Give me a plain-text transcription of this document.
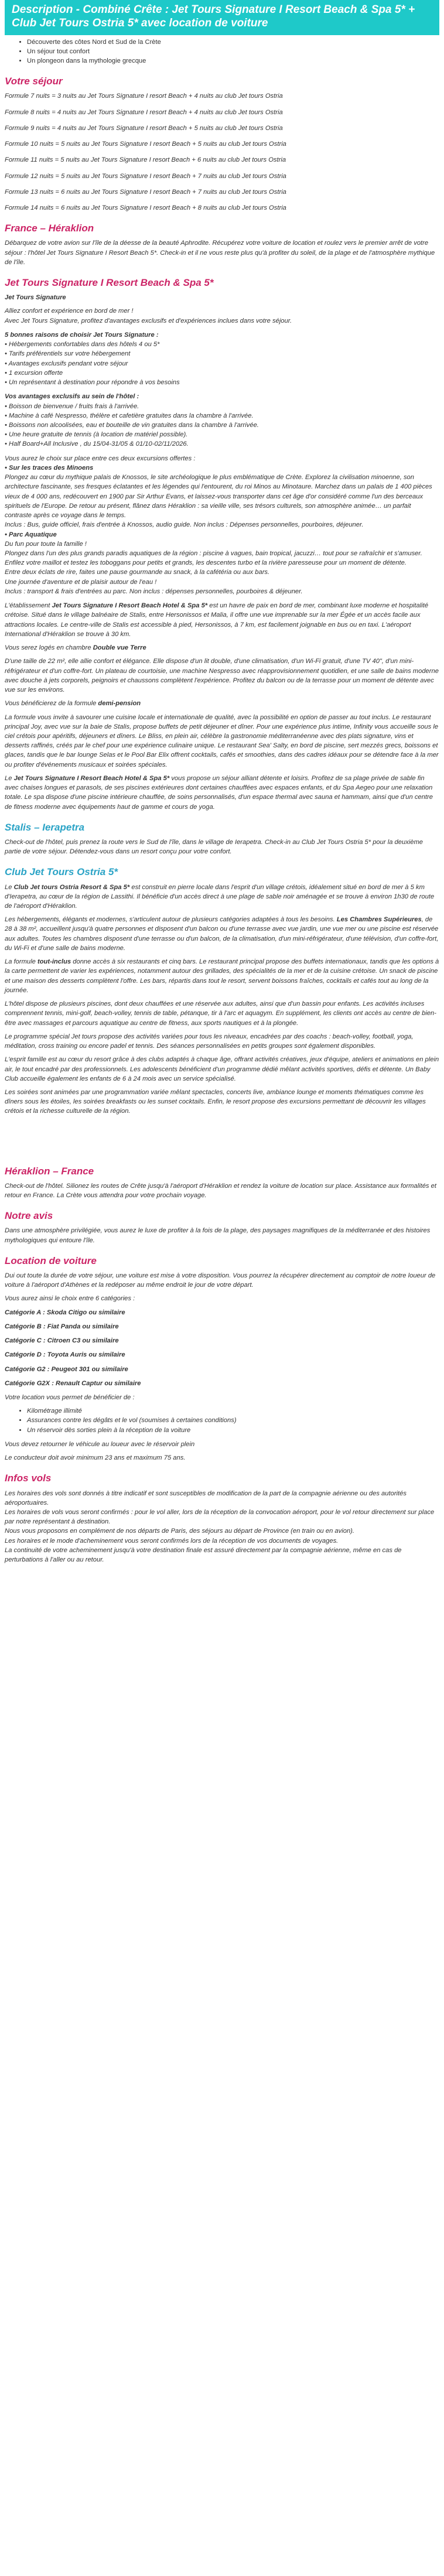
Description - Combiné Crête : Jet Tours Signature I Resort Beach & Spa 5* + Club Jet Tours Ostria 5* avec location de voiture
• Découverte des côtes Nord et Sud de la Crète
• Un séjour tout confort
• Un plongeon dans la mythologie grecque
Votre séjour

Formule 7 nuits = 3 nuits au Jet Tours Signature I resort Beach + 4 nuits au club Jet tours Ostria

Formule 8 nuits = 4 nuits au Jet Tours Signature I resort Beach + 4 nuits au club Jet tours Ostria

Formule 9 nuits = 4 nuits au Jet Tours Signature I resort Beach + 5 nuits au club Jet tours Ostria

Formule 10 nuits = 5 nuits au Jet Tours Signature I resort Beach + 5 nuits au club Jet tours Ostria

Formule 11 nuits = 5 nuits au Jet Tours Signature I resort Beach + 6 nuits au club Jet tours Ostria

Formule 12 nuits = 5 nuits au Jet Tours Signature I resort Beach + 7 nuits au club Jet tours Ostria

Formule 13 nuits = 6 nuits au Jet Tours Signature I resort Beach + 7 nuits au club Jet tours Ostria

Formule 14 nuits = 6 nuits au Jet Tours Signature I resort Beach + 8 nuits au club Jet tours Ostria

France – Héraklion

Débarquez de votre avion sur l'île de la déesse de la beauté Aphrodite. Récupérez votre voiture de location et roulez vers le premier arrêt de votre séjour : l'hôtel Jet Tours Signature I Resort Beach 5*. Check-in et il ne vous reste plus qu'à profiter du soleil, de la plage et de l'atmosphère mythique de l'île.

Jet Tours Signature I Resort Beach & Spa 5*

Jet Tours Signature

Alliez confort et expérience en bord de mer !

Avec Jet Tours Signature, profitez d'avantages exclusifs et d'expériences inclues dans votre séjour.

5 bonnes raisons de choisir Jet Tours Signature :

• Hébergements confortables dans des hôtels 4 ou 5*

• Tarifs préférentiels sur votre hébergement

• Avantages exclusifs pendant votre séjour

• 1 excursion offerte

• Un représentant à destination pour répondre à vos besoins

Vos avantages exclusifs au sein de l'hôtel :

• Boisson de bienvenue / fruits frais à l'arrivée.

• Machine à café Nespresso, thélère et cafetière gratuites dans la chambre à l'arrivée.

• Boissons non alcoolisées, eau et bouteille de vin gratuites dans la chambre à l'arrivée.

• Une heure gratuite de tennis (à location de matériel possible).

• Half Board+All Inclusive , du 15/04-31/05 & 01/10-02/11/2026.

Vous aurez le choix sur place entre ces deux excursions offertes :

• Sur les traces des Minoens

Plongez au cœur du mythique palais de Knossos, le site archéologique le plus emblématique de Crète. Explorez la civilisation minoenne, son architecture fascinante, ses fresques éclatantes et les légendes qui l'entourent, du roi Minos au Minotaure. Marchez dans un palais de 1 400 pièces vieux de 4 000 ans, redécouvert en 1900 par Sir Arthur Evans, et laissez-vous transporter dans cet âge d'or considéré comme l'un des berceaux spirituels de l'Europe. De retour au présent, flânez dans Héraklion : sa vieille ville, ses trésors culturels, son atmosphère animée… un parfait contraste après ce voyage dans le temps.

Inclus : Bus, guide officiel, frais d'entrée à Knossos, audio guide. Non inclus : Dépenses personnelles, pourboires, déjeuner.

• Parc Aquatique

Du fun pour toute la famille !

Plongez dans l'un des plus grands paradis aquatiques de la région : piscine à vagues, bain tropical, jacuzzi… tout pour se rafraîchir et s'amuser.

Enfilez votre maillot et testez les toboggans pour petits et grands, les descentes turbo et la rivière paresseuse pour un moment de détente.

Entre deux éclats de rire, faites une pause gourmande au snack, à la cafétéria ou aux bars.

Une journée d'aventure et de plaisir autour de l'eau !

Inclus : transport & frais d'entrées au parc. Non inclus : dépenses personnelles, pourboires & déjeuner.

L'établissement Jet Tours Signature I Resort Beach Hotel & Spa 5* est un havre de paix en bord de mer, combinant luxe moderne et hospitalité crétoise. Situé dans le village balnéaire de Stalis, entre Hersonissos et Malia, il offre une vue imprenable sur la mer Égée et un accès facile aux attractions locales. Le centre-ville de Stalis est accessible à pied, Hersonissos, à 7 km, est facilement joignable en bus ou en taxi. L'aéroport International d'Héraklion se trouve à 30 km.

Vous serez logés en chambre Double vue Terre

D'une taille de 22 m², elle allie confort et élégance. Elle dispose d'un lit double, d'une climatisation, d'un Wi-Fi gratuit, d'une TV 40", d'un mini-réfrigérateur et d'un coffre-fort. Un plateau de courtoisie, une machine Nespresso avec réapprovisionnement quotidien, et une salle de bains moderne avec douche à jets corporels, peignoirs et chaussons complètent l'expérience. Profitez du balcon ou de la terrasse pour un moment de détente avec vue sur les environs.

Vous bénéficierez de la formule demi-pension

La formule vous invite à savourer une cuisine locale et internationale de qualité, avec la possibilité en option de passer au tout inclus. Le restaurant principal Joy, avec vue sur la baie de Stalis, propose buffets de petit déjeuner et dîner. Pour une expérience plus intime, Infinity vous accueille sous le ciel crétois pour apéritifs, déjeuners et dîners. Le Bliss, en plein air, célèbre la gastronomie méditerranéenne avec des plats signature, vins et desserts raffinés, créés par le chef pour une expérience culinaire unique. Le restaurant Sea' Salty, en bord de piscine, sert mezzés grecs, boissons et glaces, tandis que le bar lounge Selas et le Pool Bar Elix offrent cocktails, cafés et smoothies, dans des cadres idéaux pour se détendre face à la mer ou profiter d'événements musicaux et soirées spéciales.

Le Jet Tours Signature I Resort Beach Hotel & Spa 5* vous propose un séjour alliant détente et loisirs. Profitez de sa plage privée de sable fin avec chaises longues et parasols, de ses piscines extérieures dont certaines chauffées avec espaces enfants, et du Spa Aegeo pour une relaxation totale. Le spa dispose d'une piscine intérieure chauffée, de soins personnalisés, d'un espace thermal avec sauna et hammam, ainsi que d'un centre de fitness moderne avec équipements haut de gamme et cours de yoga.

Stalis – Ierapetra

Check-out de l'hôtel, puis prenez la route vers le Sud de l'île, dans le village de Ierapetra. Check-in au Club Jet Tours Ostria 5* pour la deuxième partie de votre séjour. Détendez-vous dans un resort conçu pour votre confort.

Club Jet Tours Ostria 5*

Le Club Jet tours Ostria Resort & Spa 5* est construit en pierre locale dans l'esprit d'un village crétois, idéalement situé en bord de mer à 5 km d'Ierapetra, au cœur de la région de Lassithi. Il bénéficie d'un accès direct à une plage de sable noir aménagée et se trouve à environ 1h30 de route de l'aéroport d'Héraklion.

Les hébergements, élégants et modernes, s'articulent autour de plusieurs catégories adaptées à tous les besoins. Les Chambres Supérieures, de 28 à 38 m², accueillent jusqu'à quatre personnes et disposent d'un balcon ou d'une terrasse avec vue jardin, une vue mer ou une piscine est réservée aux adultes. Toutes les chambres disposent d'une terrasse ou d'un balcon, de la climatisation, d'un mini-réfrigérateur, d'une télévision, d'un coffre-fort, du Wi-Fi et d'une salle de bains moderne.

La formule tout-inclus donne accès à six restaurants et cinq bars. Le restaurant principal propose des buffets internationaux, tandis que les options à la carte permettent de varier les expériences, notamment autour des grillades, des spécialités de la mer et de la cuisine crétoise. Un snack de piscine et une maison des desserts complètent l'offre. Les bars, répartis dans tout le resort, servent boissons fraîches, cocktails et cafés tout au long de la journée.

L'hôtel dispose de plusieurs piscines, dont deux chauffées et une réservée aux adultes, ainsi que d'un bassin pour enfants. Les activités incluses comprennent tennis, mini-golf, beach-volley, tennis de table, pétanque, tir à l'arc et aquagym. En supplément, les clients ont accès au centre de bien-être avec massages et parcours aquatique au centre de fitness, aux sports nautiques et à la plongée.

Le programme spécial Jet tours propose des activités variées pour tous les niveaux, encadrées par des coachs : beach-volley, football, yoga, méditation, cross training ou encore padel et tennis. Des séances personnalisées en petits groupes sont également disponibles.

L'esprit famille est au cœur du resort grâce à des clubs adaptés à chaque âge, offrant activités créatives, jeux d'équipe, ateliers et animations en plein air, le tout encadré par des professionnels. Les adolescents bénéficient d'un programme dédié mêlant activités sportives, défis et détente. Un Baby Club accueille également les enfants de 6 à 24 mois avec un service spécialisé.

Les soirées sont animées par une programmation variée mêlant spectacles, concerts live, ambiance lounge et moments thématiques comme les dîners sous les étoiles, les soirées breakfasts ou les sunset cocktails. Enfin, le resort propose des excursions permettant de découvrir les villages crétois et la richesse culturelle de la région.

Héraklion – France

Check-out de l'hôtel. Silionez les routes de Crête jusqu'à l'aéroport d'Héraklion et rendez la voiture de location sur place. Assistance aux formalités et retour en France. La Crète vous attendra pour votre prochain voyage.

Notre avis

Dans une atmosphère privilégiée, vous aurez le luxe de profiter à la fois de la plage, des paysages magnifiques de la méditerranée et des histoires mythologiques qui entoure l'île.

Location de voiture

Dui out toute la durée de votre séjour, une voiture est mise à votre disposition. Vous pourrez la récupérer directement au comptoir de notre loueur de voiture à l'aéroport d'Athènes et la redéposer au même endroit le jour de votre départ.

Vous aurez ainsi le choix entre 6 catégories :

Catégorie A : Skoda Citigo ou similaire

Catégorie B : Fiat Panda ou similaire

Catégorie C : Citroen C3 ou similaire

Catégorie D : Toyota Auris ou similaire

Catégorie G2 : Peugeot 301 ou similaire

Catégorie G2X : Renault Captur ou similaire

Votre location vous permet de bénéficier de :

• Kilométrage illimité
• Assurances contre les dégâts et le vol (soumises à certaines conditions)
• Un réservoir dès sorties plein à la réception de la voiture

Vous devez retourner le véhicule au loueur avec le réservoir plein

Le conducteur doit avoir minimum 23 ans et maximum 75 ans.

Infos vols

Les horaires des vols sont donnés à titre indicatif et sont susceptibles de modification de la part de la compagnie aérienne ou des autorités aéroportuaires.

Les horaires de vols vous seront confirmés : pour le vol aller, lors de la réception de la convocation aéroport, pour le vol retour directement sur place par notre représentant à destination.

Nous vous proposons en complément de nos départs de Paris, des séjours au départ de Province (en train ou en avion).

Les horaires et le mode d'acheminement vous seront confirmés lors de la réception de vos documents de voyages.

La continuité de votre acheminement jusqu'à votre destination finale est assuré directement par la compagnie aérienne, même en cas de perturbations à l'aller ou au retour.
